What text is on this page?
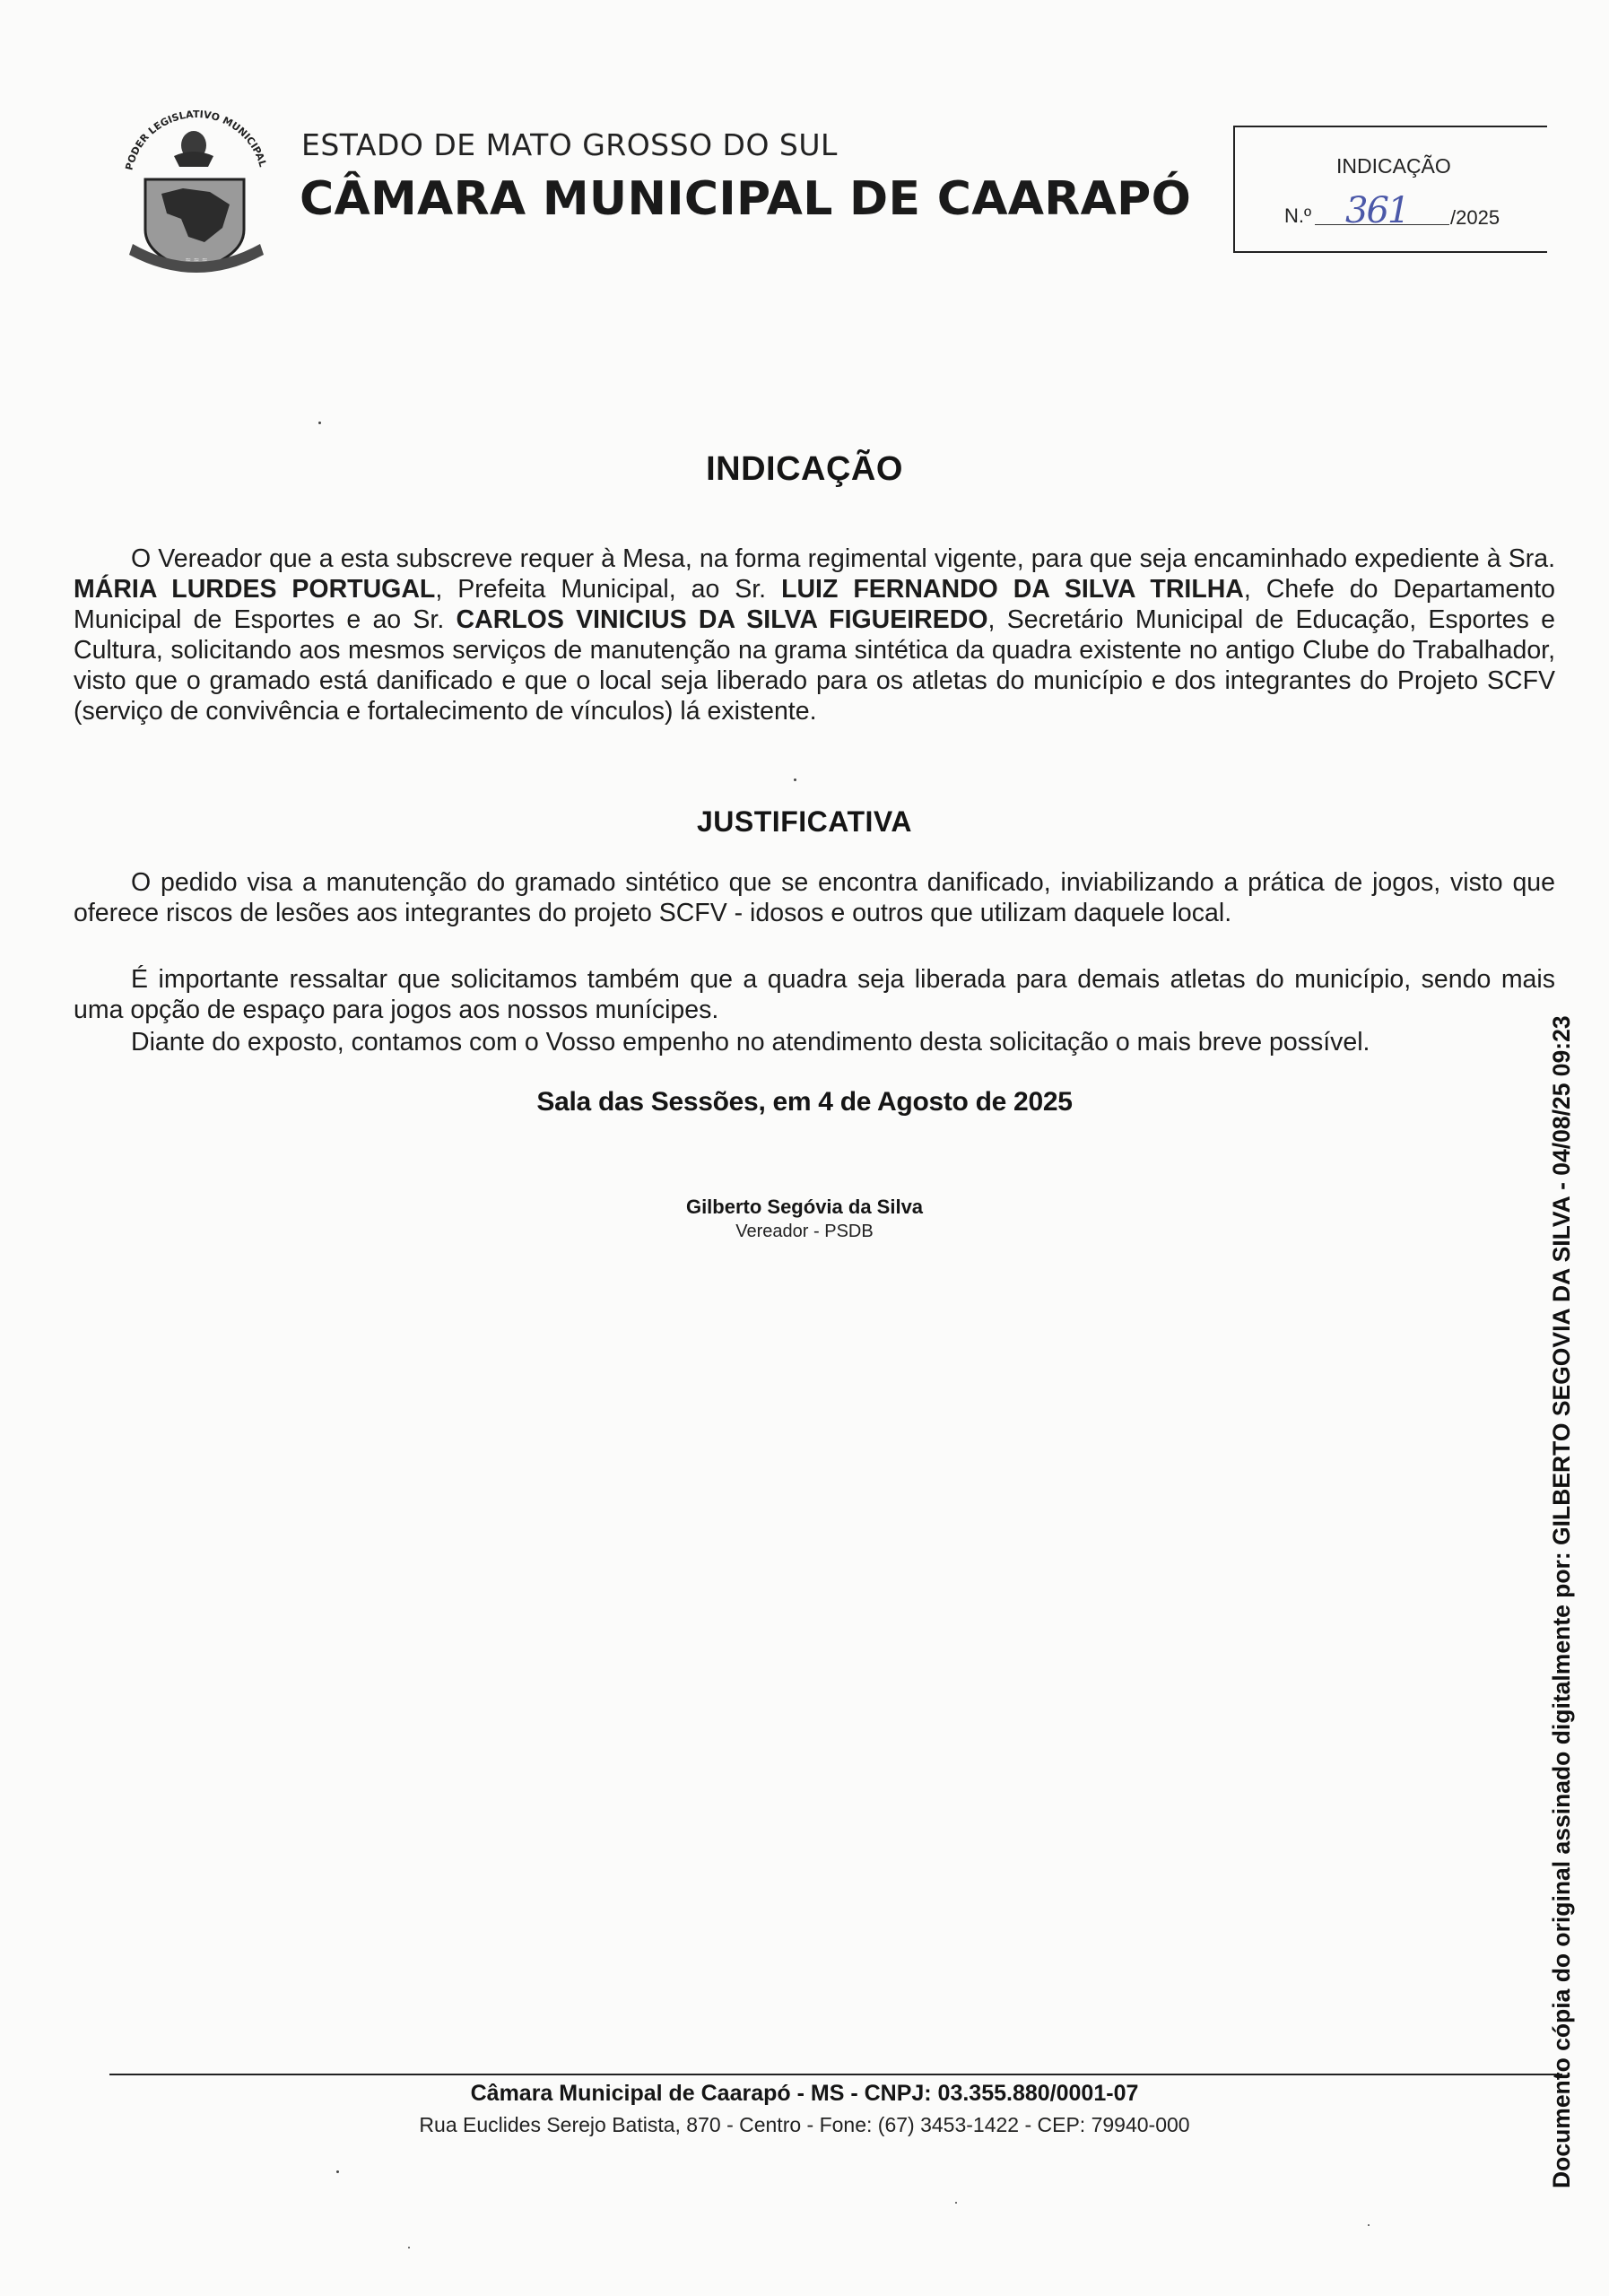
PODER LEGISLATIVO MUNICIPAL
≈ ≈ ≈
ESTADO DE MATO GROSSO DO SUL
CÂMARA MUNICIPAL DE CAARAPÓ
INDICAÇÃO
N.º 361 /2025
INDICAÇÃO
O Vereador que a esta subscreve requer à Mesa, na forma regimental vigente, para que seja encaminhado expediente à Sra. MÁRIA LURDES PORTUGAL, Prefeita Municipal, ao Sr. LUIZ FERNANDO DA SILVA TRILHA, Chefe do Departamento Municipal de Esportes e ao Sr. CARLOS VINICIUS DA SILVA FIGUEIREDO, Secretário Municipal de Educação, Esportes e Cultura, solicitando aos mesmos serviços de manutenção na grama sintética da quadra existente no antigo Clube do Trabalhador, visto que o gramado está danificado e que o local seja liberado para os atletas do município e dos integrantes do Projeto SCFV (serviço de convivência e fortalecimento de vínculos) lá existente.
JUSTIFICATIVA
O pedido visa a manutenção do gramado sintético que se encontra danificado, inviabilizando a prática de jogos, visto que oferece riscos de lesões aos integrantes do projeto SCFV - idosos e outros que utilizam daquele local.
É importante ressaltar que solicitamos também que a quadra seja liberada para demais atletas do município, sendo mais uma opção de espaço para jogos aos nossos munícipes.
Diante do exposto, contamos com o Vosso empenho no atendimento desta solicitação o mais breve possível.
Sala das Sessões, em 4 de Agosto de 2025
Gilberto Segóvia da Silva
Vereador - PSDB
Câmara Municipal de Caarapó - MS - CNPJ: 03.355.880/0001-07
Rua Euclides Serejo Batista, 870 - Centro - Fone: (67) 3453-1422 - CEP: 79940-000	Documento cópia do original assinado digitalmente por: GILBERTO SEGOVIA DA SILVA - 04/08/25 09:23
